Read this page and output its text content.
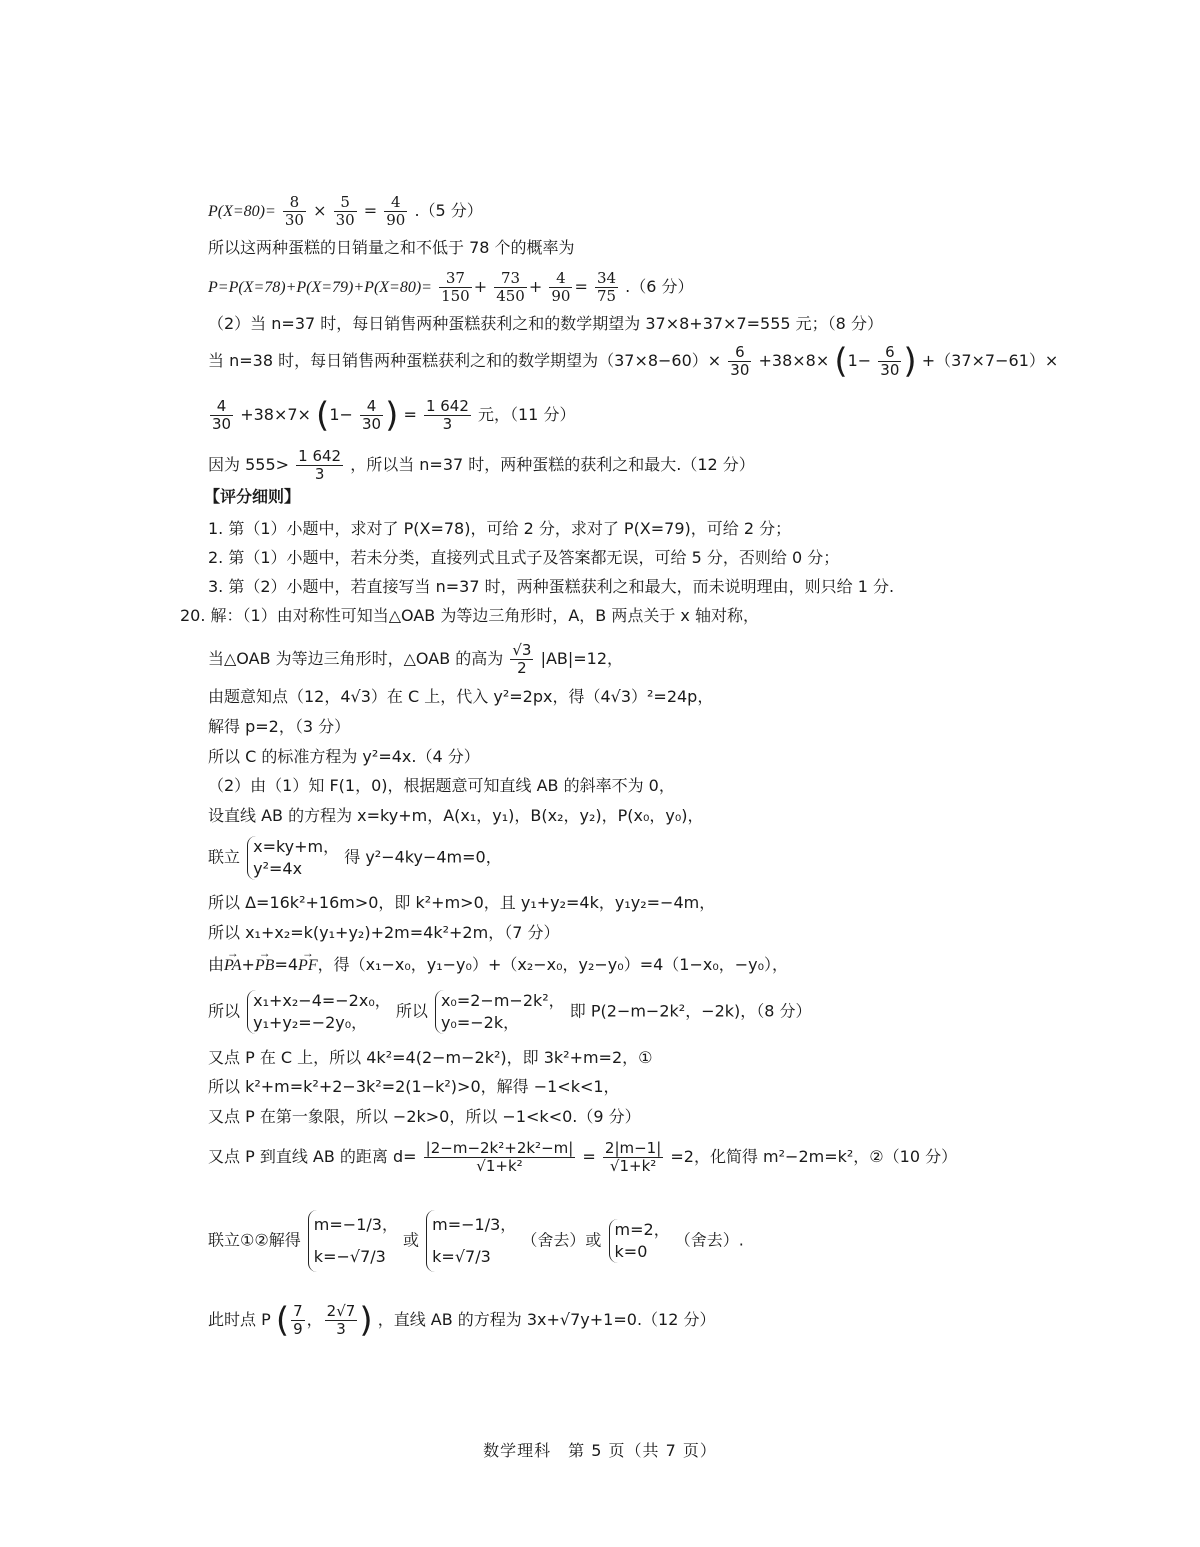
$P(X=80)= \frac{8}{30} \times \frac{5}{30} = \frac{4}{90} .(5$ 分）
所以这两种蛋糕的日销量之和不低于 78 个的概率为
$P=P(X=78)+P(X=79)+P(X=80)= \frac{37}{150} + \frac{73}{450} + \frac{4}{90} = \frac{34}{75} .(6$ 分）
（2）当 n=37 时，每日销售两种蛋糕获利之和的数学期望为 37×8+37×7=555 元；（8 分）
当 n=38 时，每日销售两种蛋糕获利之和的数学期望为$(37\times 8-60)\times \frac{6}{30} +38\times 8\times (1- \frac{6}{30}$ ) +（37×7−61）×
$\frac{4}{30} +38\times 7\times (1- \frac{4}{30}$ ) = $\frac{1 642}{3}$ 元，（11 分）
因为 $555> \frac{1 642}{3}$ ，所以当 n=37 时，两种蛋糕的获利之和最大.（12 分）
【评分细则】
1. 第（1）小题中，求对了 P(X=78)，可给 2 分，求对了 P(X=79)，可给 2 分；
2. 第（1）小题中，若未分类，直接列式且式子及答案都无误，可给 5 分，否则给 0 分；
3. 第（2）小题中，若直接写当 n=37 时，两种蛋糕获利之和最大，而未说明理由，则只给 1 分.
20. 解：（1）由对称性可知当△OAB 为等边三角形时，A，B 两点关于 x 轴对称，
当△OAB 为等边三角形时，△OAB 的高为 $\frac{√3}{2} |AB|=12$，
由题意知点（12，4√3）在 C 上，代入 y²=2px，得（4√3）²=24p，
解得 p=2，（3 分）
所以 C 的标准方程为 y²=4x.（4 分）
（2）由（1）知 F(1，0)，根据题意可知直线 AB 的斜率不为 0，
设直线 AB 的方程为 x=ky+m，A(x₁，y₁)，B(x₂，y₂)，P(x₀，y₀)，
联立
x=ky+m，
y²=4x
得 y²−4ky−4m=0，
所以 Δ=16k²+16m>0，即 k²+m>0，且 y₁+y₂=4k，y₁y₂=−4m，
所以 x₁+x₂=k(y₁+y₂)+2m=4k²+2m，（7 分）
由→ PA+→ PB=4→ PF，得（x₁−x₀，y₁−y₀）+（x₂−x₀，y₂−y₀）=4（1−x₀，−y₀），
所以
x₁+x₂−4=−2x₀，
y₁+y₂=−2y₀，
所以
x₀=2−m−2k²，
y₀=−2k，
即 P(2−m−2k²，−2k)，（8 分）
又点 P 在 C 上，所以 4k²=4(2−m−2k²)，即 3k²+m=2，①
所以 k²+m=k²+2−3k²=2(1−k²)>0，解得 −1<k<1，
又点 P 在第一象限，所以 −2k>0，所以 −1<k<0.（9 分）
又点 P 到直线 AB 的距离 $d= \frac{\text{|2−m−2k²+2k²−m|}}{\text{√1+k²}} = \frac{2|m-1|}{\text{√1+k²}} =2$，化简得 m²−2m=k²，②（10 分）
联立①②解得
m=−1/3，
k=−√7/3
或
m=−1/3，
k=√7/3
（舍去）或
m=2，
k=0
（舍去）.
此时点 P ( $\frac{7}{9}$ ， $\frac{2√7}{3}$ ) ，直线 AB 的方程为 3x+√7y+1=0.（12 分）
数学理科　第 5 页（共 7 页）
